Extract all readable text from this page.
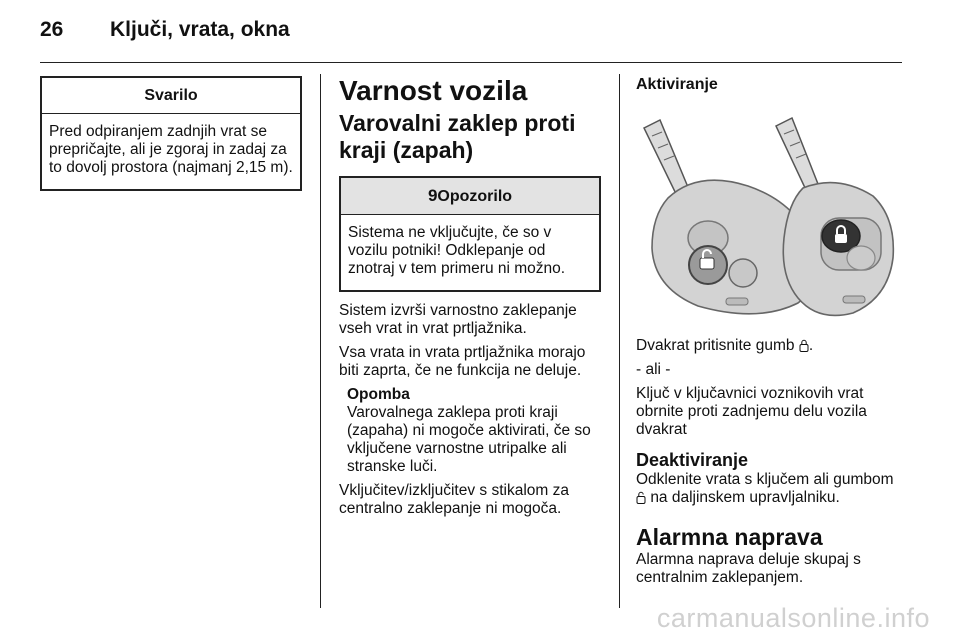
26	Ključi, vrata, okna
Svarilo
Pred odpiranjem zadnjih vrat se prepričajte, ali je zgoraj in zadaj za to dovolj prostora (najmanj 2,15 m).
Varnost vozila
Varovalni zaklep proti kraji (zapah)
9Opozorilo
Sistema ne vključujte, če so v vozilu potniki! Odklepanje od znotraj v tem primeru ni možno.

Sistem izvrši varnostno zaklepanje vseh vrat in vrat prtljažnika.

Vsa vrata in vrata prtljažnika morajo biti zaprta, če ne funkcija ne deluje.

Opomba
Varovalnega zaklepa proti kraji (zapaha) ni mogoče aktivirati, če so vključene varnostne utripalke ali stranske luči.

Vključitev/izključitev s stikalom za centralno zaklepanje ni mogoča.

Aktiviranje

Dvakrat pritisnite gumb .

- ali -

Ključ v ključavnici voznikovih vrat obrnite proti zadnjemu delu vozila dvakrat

Deaktiviranje

Odklenite vrata s ključem ali gumbom
na daljinskem upravljalniku.

Alarmna naprava

Alarmna naprava deluje skupaj s centralnim zaklepanjem.

carmanualsonline.info
